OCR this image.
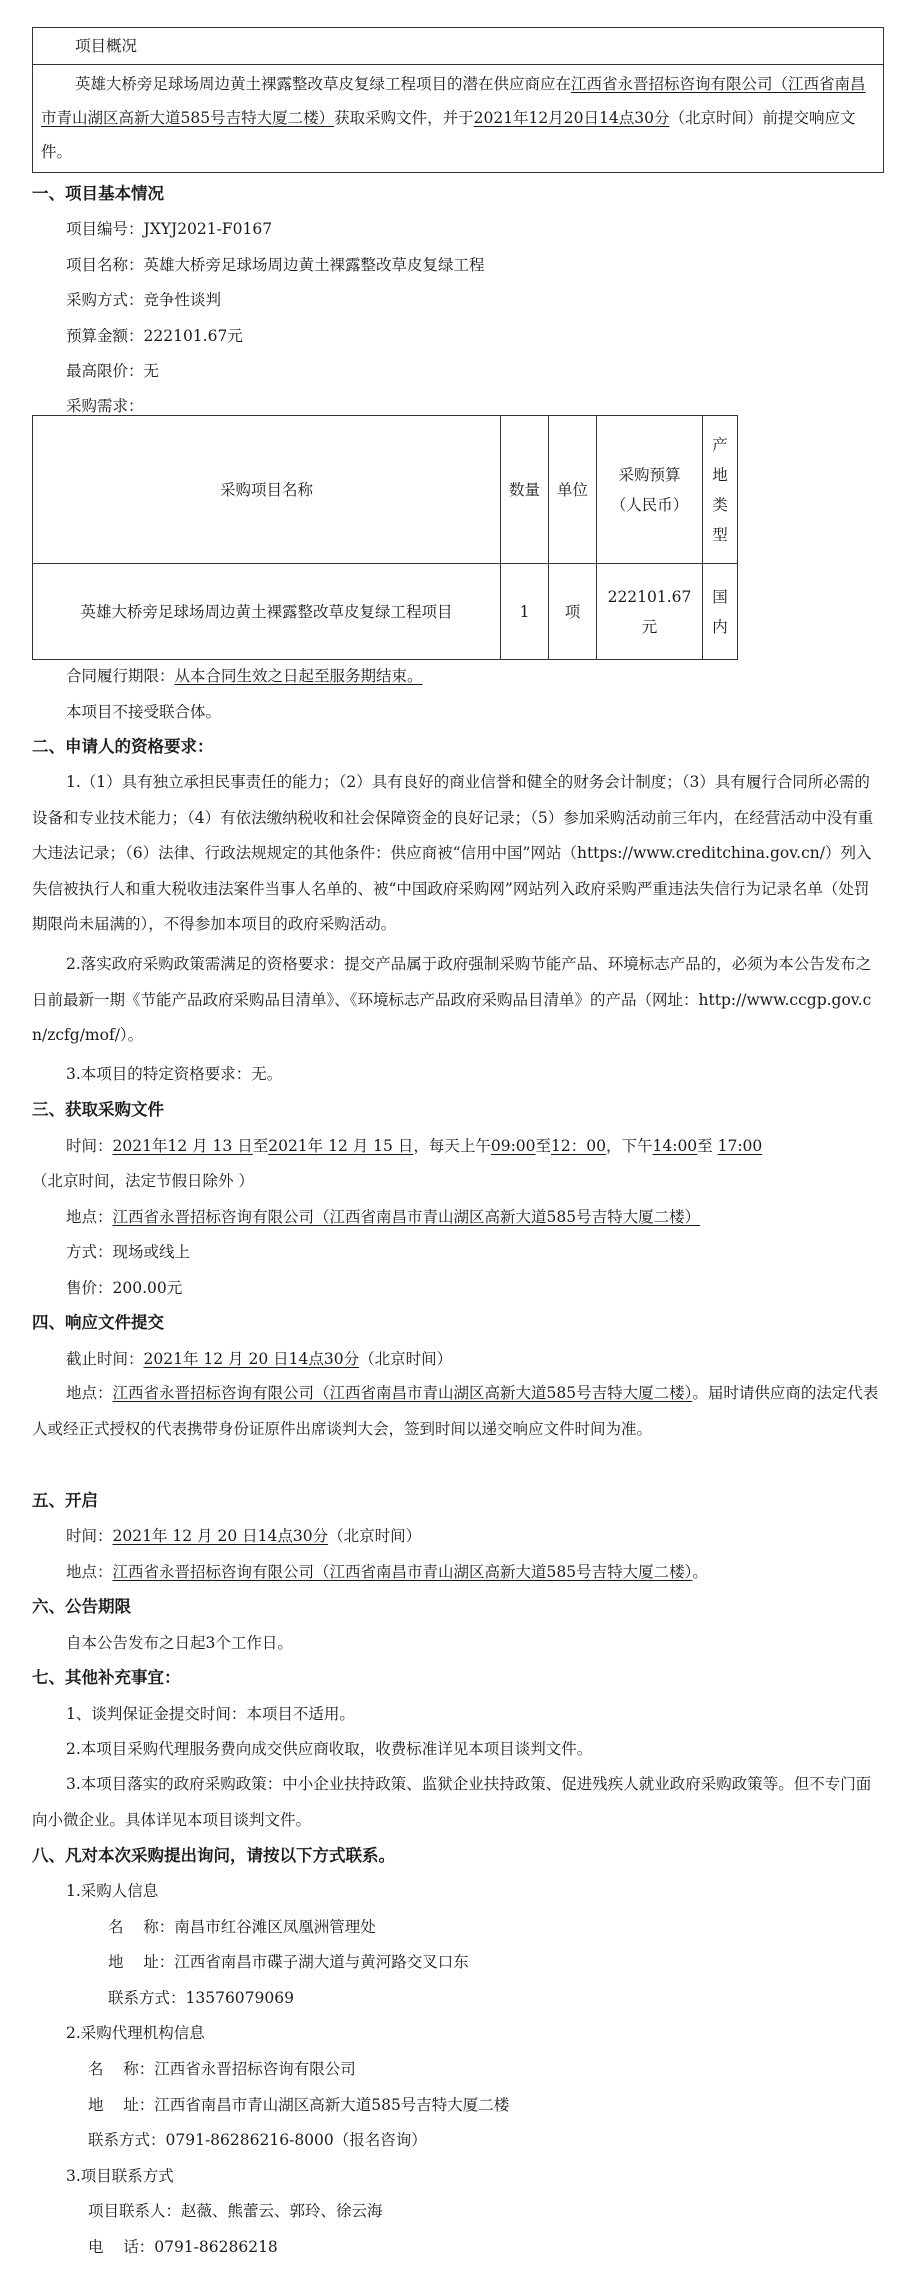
项目概况
英雄大桥旁足球场周边黄土裸露整改草皮复绿工程项目的潜在供应商应在江西省永晋招标咨询有限公司（江西省南昌市青山湖区高新大道585号吉特大厦二楼）获取采购文件，并于2021年12月20日14点30分（北京时间）前提交响应文件。
一、项目基本情况
项目编号：JXYJ2021-F0167
项目名称：英雄大桥旁足球场周边黄土裸露整改草皮复绿工程
采购方式：竞争性谈判
预算金额：222101.67元
最高限价：无
采购需求：
采购项目名称	数量	单位	采购预算（人民币）	产地类型
英雄大桥旁足球场周边黄土裸露整改草皮复绿工程项目	1	项	222101.67元	国内
合同履行期限：从本合同生效之日起至服务期结束。
本项目不接受联合体。
二、申请人的资格要求：
1.（1）具有独立承担民事责任的能力；（2）具有良好的商业信誉和健全的财务会计制度；（3）具有履行合同所必需的设备和专业技术能力；（4）有依法缴纳税收和社会保障资金的良好记录；（5）参加采购活动前三年内，在经营活动中没有重大违法记录；（6）法律、行政法规规定的其他条件：供应商被“信用中国”网站（https://www.creditchina.gov.cn/）列入失信被执行人和重大税收违法案件当事人名单的、被“中国政府采购网”网站列入政府采购严重违法失信行为记录名单（处罚期限尚未届满的），不得参加本项目的政府采购活动。
2.落实政府采购政策需满足的资格要求：提交产品属于政府强制采购节能产品、环境标志产品的，必须为本公告发布之日前最新一期《节能产品政府采购品目清单》、《环境标志产品政府采购品目清单》的产品（网址：http://www.ccgp.gov.cn/zcfg/mof/）。
3.本项目的特定资格要求：无。
三、获取采购文件
时间：2021年12 月 13 日至2021年 12 月 15 日，每天上午09:00至12：00，下午14:00至 17:00
（北京时间，法定节假日除外 ）
地点：江西省永晋招标咨询有限公司（江西省南昌市青山湖区高新大道585号吉特大厦二楼）
方式：现场或线上
售价：200.00元
四、响应文件提交
截止时间：2021年 12 月 20 日14点30分（北京时间）
地点：江西省永晋招标咨询有限公司（江西省南昌市青山湖区高新大道585号吉特大厦二楼）。届时请供应商的法定代表人或经正式授权的代表携带身份证原件出席谈判大会，签到时间以递交响应文件时间为准。
五、开启
时间：2021年 12 月 20 日14点30分（北京时间）
地点：江西省永晋招标咨询有限公司（江西省南昌市青山湖区高新大道585号吉特大厦二楼）。
六、公告期限
自本公告发布之日起3个工作日。
七、其他补充事宜：
1、谈判保证金提交时间：本项目不适用。
2.本项目采购代理服务费向成交供应商收取，收费标准详见本项目谈判文件。
3.本项目落实的政府采购政策：中小企业扶持政策、监狱企业扶持政策、促进残疾人就业政府采购政策等。但不专门面向小微企业。具体详见本项目谈判文件。
八、凡对本次采购提出询问，请按以下方式联系。
1.采购人信息
名    称：南昌市红谷滩区凤凰洲管理处
地    址：江西省南昌市碟子湖大道与黄河路交叉口东
联系方式：13576079069
2.采购代理机构信息
名    称：江西省永晋招标咨询有限公司
地    址：江西省南昌市青山湖区高新大道585号吉特大厦二楼
联系方式：0791-86286216-8000（报名咨询）
3.项目联系方式
项目联系人：赵薇、熊蕾云、郭玲、徐云海
电    话：0791-86286218
